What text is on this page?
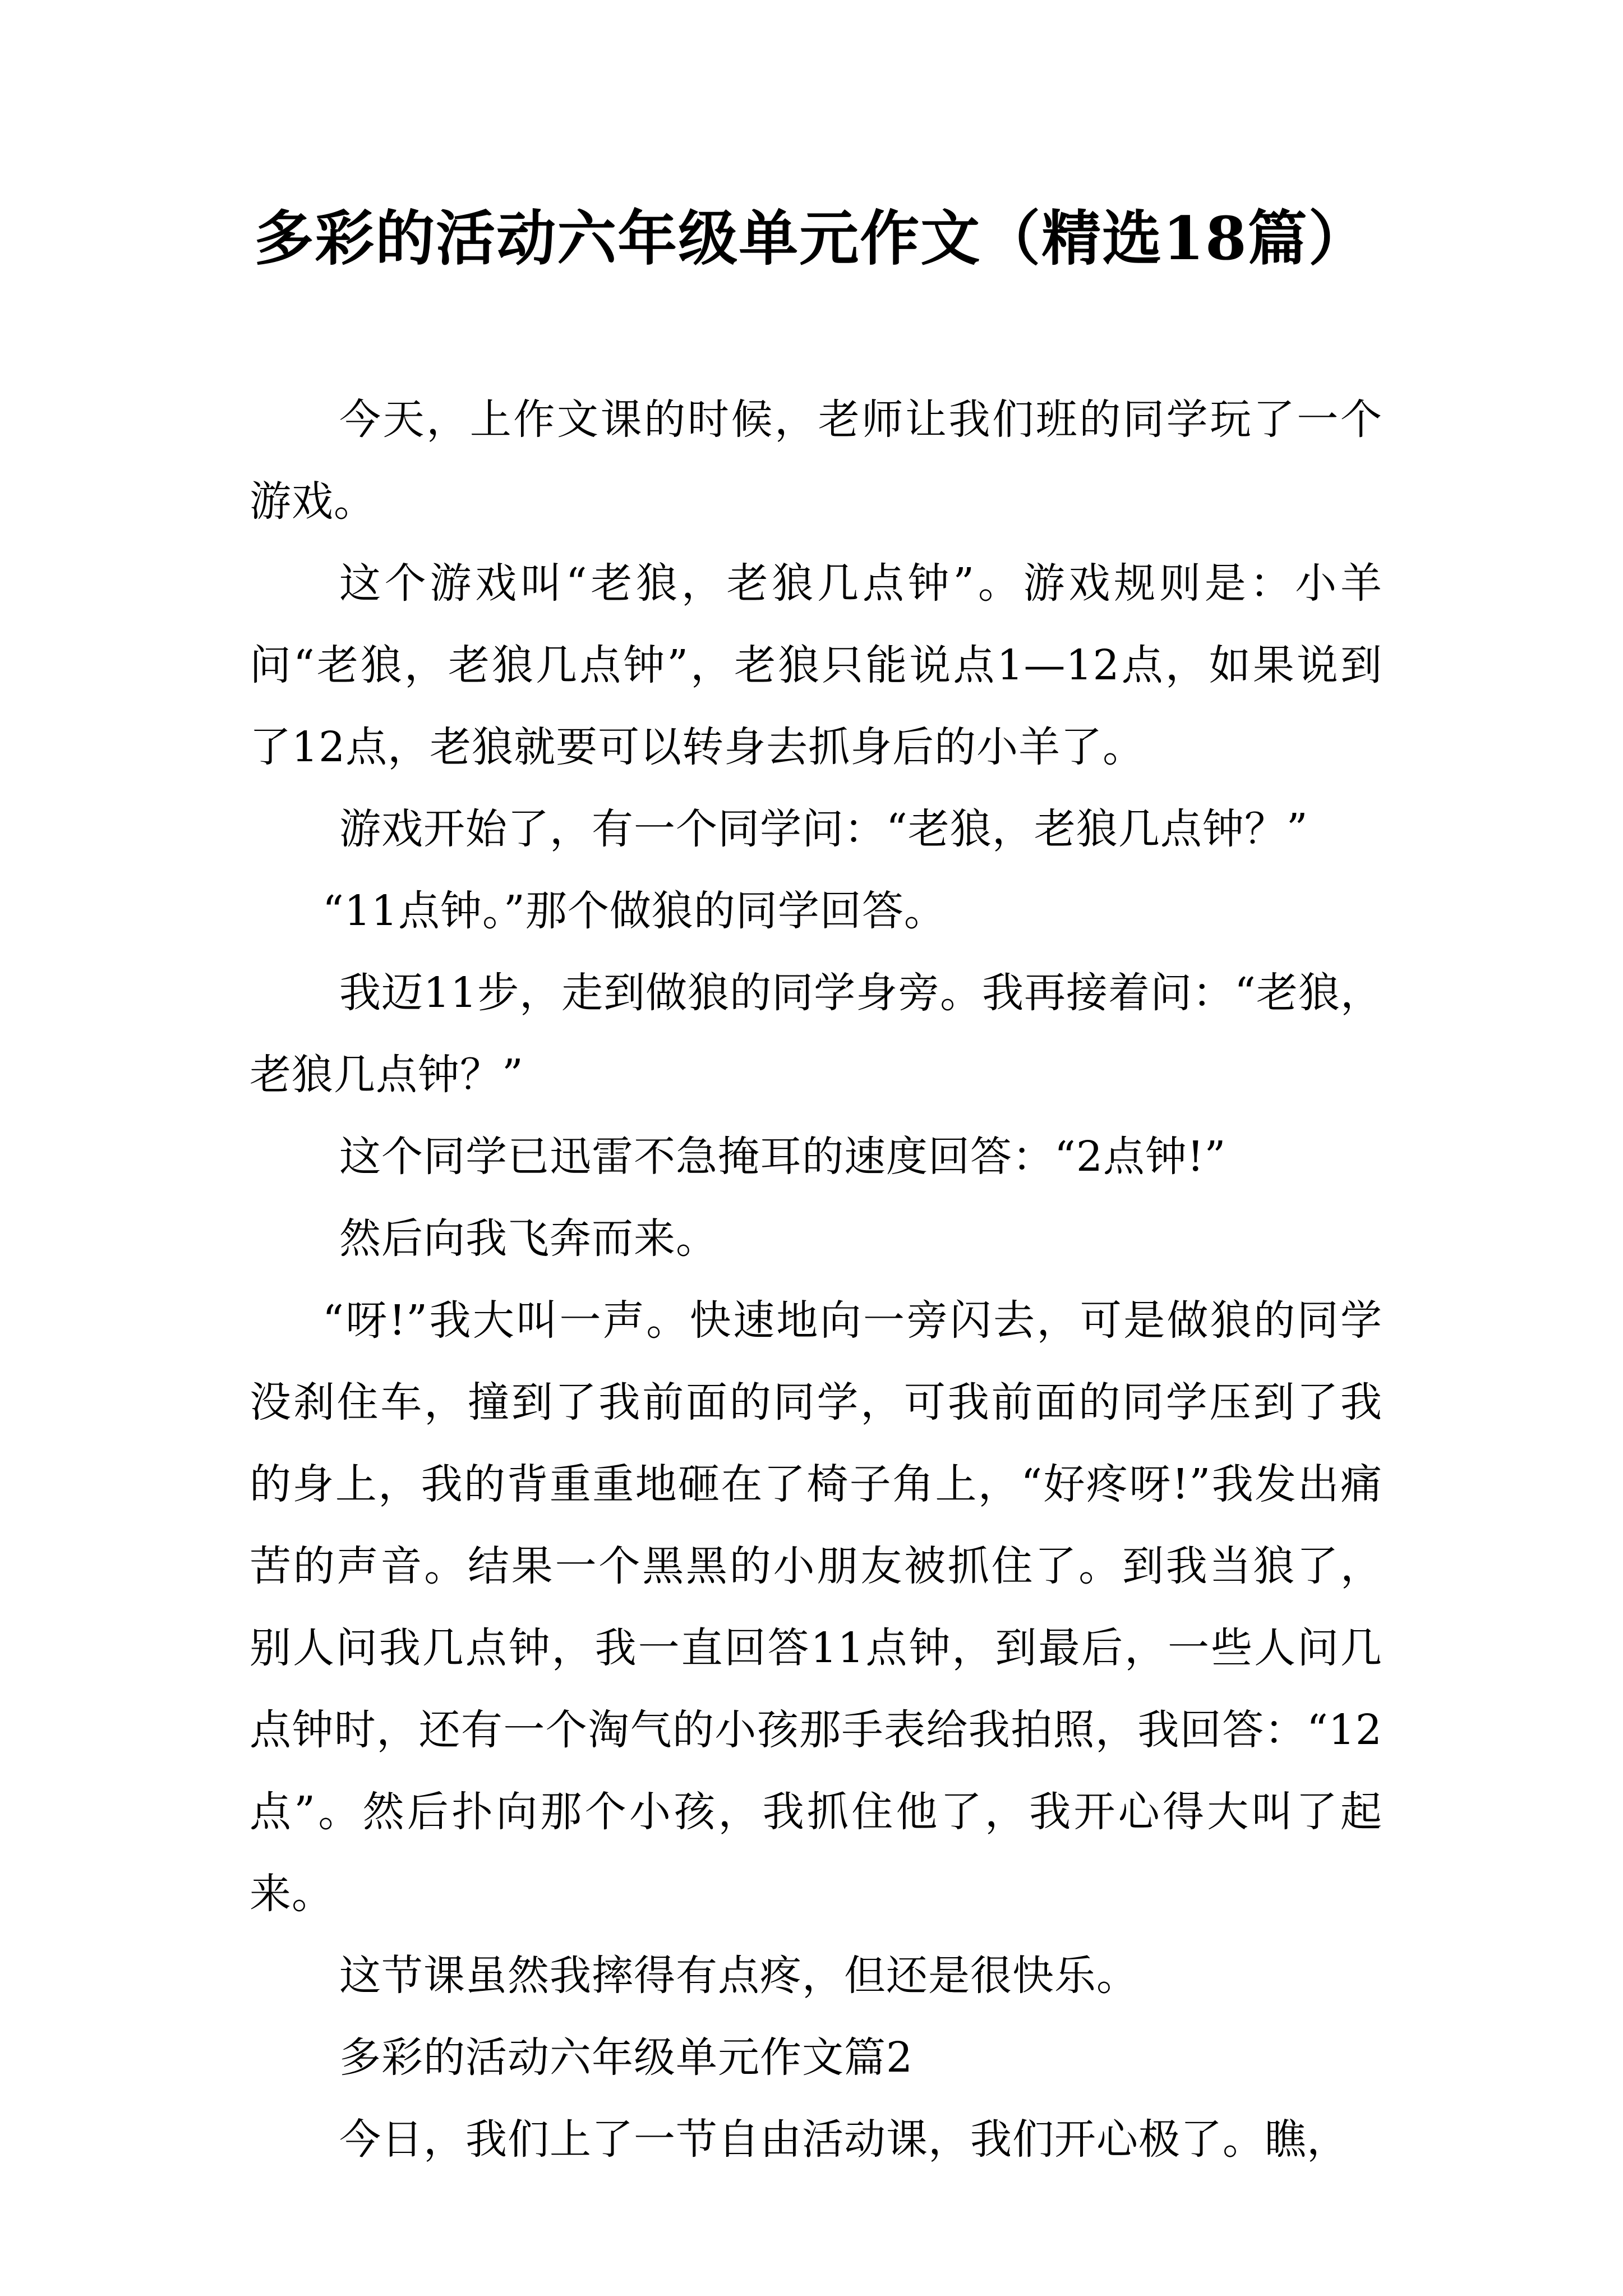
多彩的活动六年级单元作文（精选18篇）

今天，上作文课的时候，老师让我们班的同学玩了一个游戏。

这个游戏叫“老狼，老狼几点钟”。游戏规则是：小羊问“老狼，老狼几点钟”，老狼只能说点1—12点，如果说到了12点，老狼就要可以转身去抓身后的小羊了。

游戏开始了，有一个同学问：“老狼，老狼几点钟？”

“11点钟。”那个做狼的同学回答。

我迈11步，走到做狼的同学身旁。我再接着问：“老狼，老狼几点钟？”

这个同学已迅雷不急掩耳的速度回答：“2点钟!”

然后向我飞奔而来。

“呀!”我大叫一声。快速地向一旁闪去，可是做狼的同学没刹住车，撞到了我前面的同学，可我前面的同学压到了我的身上，我的背重重地砸在了椅子角上，“好疼呀!”我发出痛苦的声音。结果一个黑黑的小朋友被抓住了。到我当狼了，别人问我几点钟，我一直回答11点钟，到最后，一些人问几点钟时，还有一个淘气的小孩那手表给我拍照，我回答：“12点”。然后扑向那个小孩，我抓住他了，我开心得大叫了起来。

这节课虽然我摔得有点疼，但还是很快乐。

多彩的活动六年级单元作文篇2

今日，我们上了一节自由活动课，我们开心极了。瞧，
